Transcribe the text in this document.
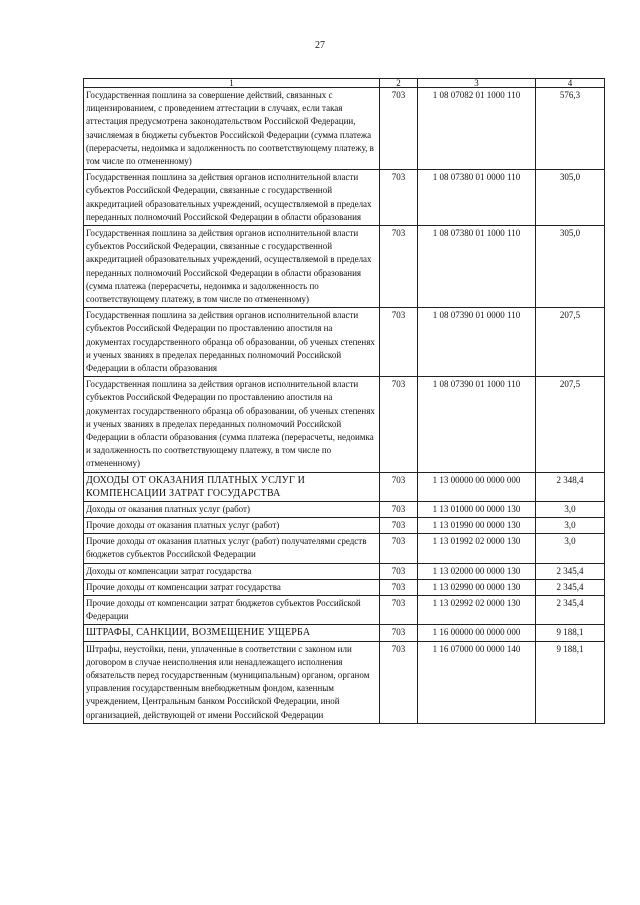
27
1	2	3	4
Государственная пошлина за совершение действий, связанных с лицензированием, с проведением аттестации в случаях, если такая аттестация предусмотрена законодательством Российской Федерации, зачисляемая в бюджеты субъектов Российской Федерации (сумма платежа (перерасчеты, недоимка и задолженность по соответствующему платежу, в том числе по отмененному)	703	1 08 07082 01 1000 110	576,3
Государственная пошлина за действия органов исполнительной власти субъектов Российской Федерации, связанные с государственной аккредитацией образовательных учреждений, осуществляемой в пределах переданных полномочий Российской Федерации в области образования	703	1 08 07380 01 0000 110	305,0
Государственная пошлина за действия органов исполнительной власти субъектов Российской Федерации, связанные с государственной аккредитацией образовательных учреждений, осуществляемой в пределах переданных полномочий Российской Федерации в области образования (сумма платежа (перерасчеты, недоимка и задолженность по соответствующему платежу, в том числе по отмененному)	703	1 08 07380 01 1000 110	305,0
Государственная пошлина за действия органов исполнительной власти субъектов Российской Федерации по проставлению апостиля на документах государственного образца об образовании, об ученых степенях и ученых званиях в пределах переданных полномочий Российской Федерации в области образования	703	1 08 07390 01 0000 110	207,5
Государственная пошлина за действия органов исполнительной власти субъектов Российской Федерации по проставлению апостиля на документах государственного образца об образовании, об ученых степенях и ученых званиях в пределах переданных полномочий Российской Федерации в области образования (сумма платежа (перерасчеты, недоимка и задолженность по соответствующему платежу, в том числе по отмененному)	703	1 08 07390 01 1000 110	207,5
ДОХОДЫ ОТ ОКАЗАНИЯ ПЛАТНЫХ УСЛУГ И КОМПЕНСАЦИИ ЗАТРАТ ГОСУДАРСТВА	703	1 13 00000 00 0000 000	2 348,4
Доходы от оказания платных услуг (работ)	703	1 13 01000 00 0000 130	3,0
Прочие доходы от оказания платных услуг (работ)	703	1 13 01990 00 0000 130	3,0
Прочие доходы от оказания платных услуг (работ) получателями средств бюджетов субъектов Российской Федерации	703	1 13 01992 02 0000 130	3,0
Доходы от компенсации затрат государства	703	1 13 02000 00 0000 130	2 345,4
Прочие доходы от компенсации затрат государства	703	1 13 02990 00 0000 130	2 345,4
Прочие доходы от компенсации затрат бюджетов субъектов Российской Федерации	703	1 13 02992 02 0000 130	2 345,4
ШТРАФЫ, САНКЦИИ, ВОЗМЕЩЕНИЕ УЩЕРБА	703	1 16 00000 00 0000 000	9 188,1
Штрафы, неустойки, пени, уплаченные в соответствии с законом или договором в случае неисполнения или ненадлежащего исполнения обязательств перед государственным (муниципальным) органом, органом управления государственным внебюджетным фондом, казенным учреждением, Центральным банком Российской Федерации, иной организацией, действующей от имени Российской Федерации	703	1 16 07000 00 0000 140	9 188,1
